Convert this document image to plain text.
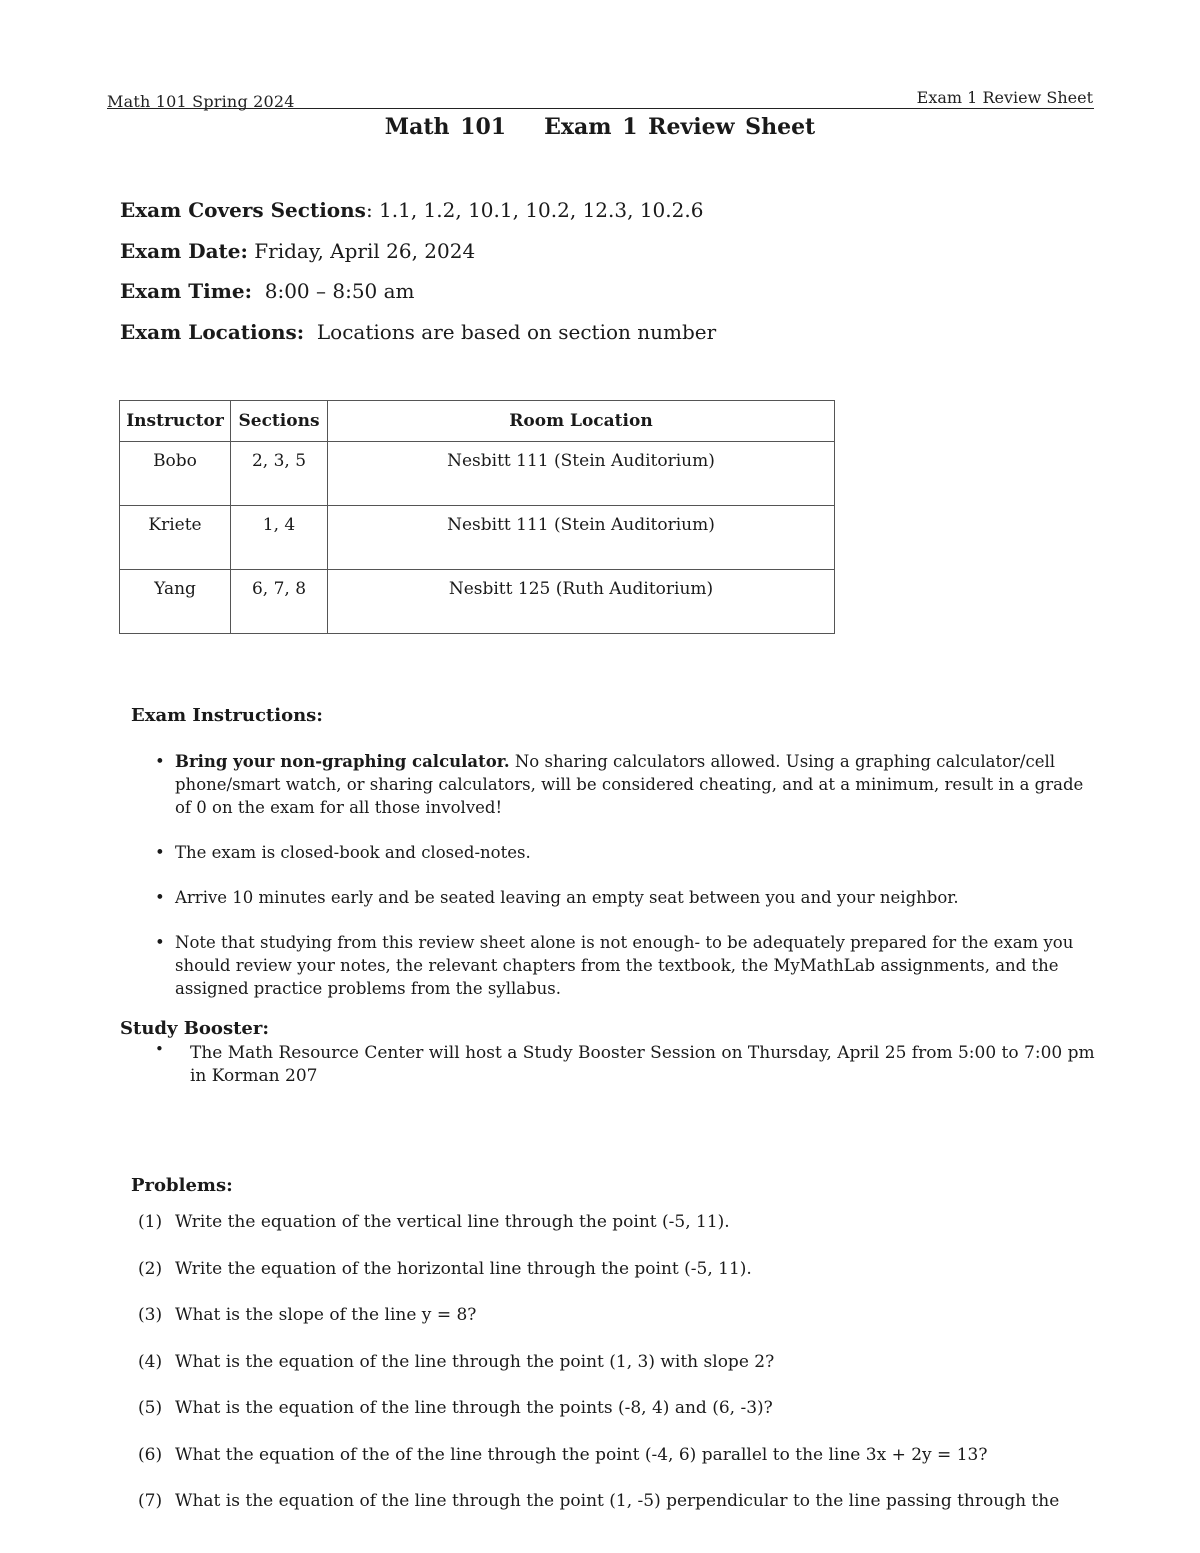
Math 101 Spring 2024	Exam 1 Review Sheet
Math 101 Exam 1 Review Sheet
Exam Covers Sections: 1.1, 1.2, 10.1, 10.2, 12.3, 10.2.6
Exam Date: Friday, April 26, 2024
Exam Time:  8:00 – 8:50 am
Exam Locations:  Locations are based on section number
Instructor	Sections	Room Location
Bobo	2, 3, 5	Nesbitt 111 (Stein Auditorium)
Kriete	1, 4	Nesbitt 111 (Stein Auditorium)
Yang	6, 7, 8	Nesbitt 125 (Ruth Auditorium)
Exam Instructions:
• Bring your non-graphing calculator. No sharing calculators allowed. Using a graphing calculator/cell phone/smart watch, or sharing calculators, will be considered cheating, and at a minimum, result in a grade of 0 on the exam for all those involved!
• The exam is closed-book and closed-notes.
• Arrive 10 minutes early and be seated leaving an empty seat between you and your neighbor.
• Note that studying from this review sheet alone is not enough- to be adequately prepared for the exam you should review your notes, the relevant chapters from the textbook, the MyMathLab assignments, and the assigned practice problems from the syllabus.
Study Booster:
• The Math Resource Center will host a Study Booster Session on Thursday, April 25 from 5:00 to 7:00 pm in Korman 207
Problems:
(1) Write the equation of the vertical line through the point (-5, 11).
(2) Write the equation of the horizontal line through the point (-5, 11).
(3) What is the slope of the line y = 8?
(4) What is the equation of the line through the point (1, 3) with slope 2?
(5) What is the equation of the line through the points (-8, 4) and (6, -3)?
(6) What the equation of the of the line through the point (-4, 6) parallel to the line 3x + 2y = 13?
(7) What is the equation of the line through the point (1, -5) perpendicular to the line passing through the
